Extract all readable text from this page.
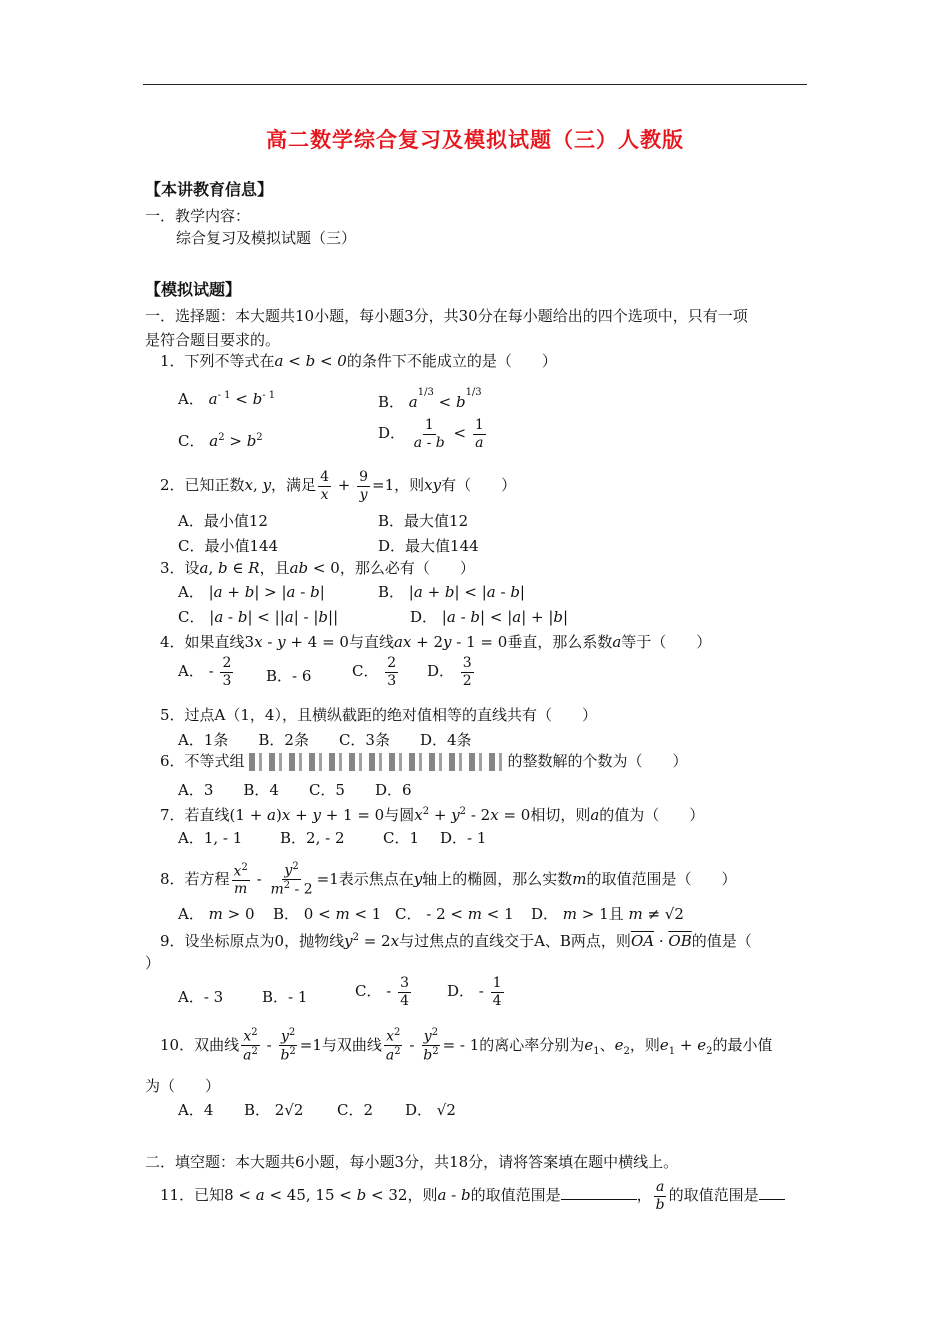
高二数学综合复习及模拟试题（三）人教版
【本讲教育信息】
一．教学内容：
综合复习及模拟试题（三）
【模拟试题】
一．选择题：本大题共10小题，每小题3分，共30分在每小题给出的四个选项中，只有一项
是符合题目要求的。
1．下列不等式在a < b < 0的条件下不能成立的是（　　）
A． $a^{- 1} < b^{- 1}$	B． $a^{1/3} < b^{1/3}$
C． $a^2 > b^2$	D． $\frac{1}{a - b} < \frac{1}{a}$
2．已知正数x, y，满足 $\frac{4}{x} + \frac{9}{y} =1$，则xy有（　　）
A．最小值12	B．最大值12
C．最小值144	D．最大值144
3．设a, b ∈ R，且ab < 0，那么必有（　　）
A． |a + b| > |a - b|	B． |a + b| < |a - b|
C． |a - b| < ||a| - |b||	D． |a - b| < |a| + |b|
4．如果直线3x - y + 4 = 0与直线ax + 2y - 1 = 0垂直，那么系数a等于（　　）
A． - $\frac{2}{3}$ B．- 6	C． $\frac{2}{3}$ D． $\frac{3}{2}$
5．过点A（1，4），且横纵截距的绝对值相等的直线共有（　　）
A．1条　　B．2条　　C．3条　　D．4条
6．不等式组	的整数解的个数为（　　）
A．3　　B．4　　C．5　　D．6
7．若直线(1 + a)x + y + 1 = 0与圆$x^2 + y^2 - 2x = 0$相切，则a的值为（　　）
A．1, - 1	B．2, - 2	C．1 D．- 1
8．若方程 $\frac{x^2}{m} - \frac{y^2}{m^2 - 2} =1$表示焦点在y轴上的椭圆，那么实数m的取值范围是（　　）
A． m > 0 B． 0 < m < 1 C． - 2 < m < 1 D． m > 1且 m ≠ √2
9．设坐标原点为0，抛物线$y^2 = 2x$与过焦点的直线交于A、B两点，则$\overline{OA} \cdot \overline{OB}$的值是（
）
A．- 3	B．- 1	C． - $\frac{3}{4}$ D． - $\frac{1}{4}$
10．双曲线 $\frac{x^2}{a^2} - \frac{y^2}{b^2} =1$与双曲线 $\frac{x^2}{a^2} - \frac{y^2}{b^2}$ = - 1的离心率分别为$e_1$、$e_2$，则$e_1 + e_2$的最小值
为（　　）
A．4 B． 2√2 C．2 D． √2
二．填空题：本大题共6小题，每小题3分，共18分，请将答案填在题中横线上。
11．已知8 < a < 45, 15 < b < 32，则a - b的取值范围是	， $\frac{a}{b}$ 的取值范围是
